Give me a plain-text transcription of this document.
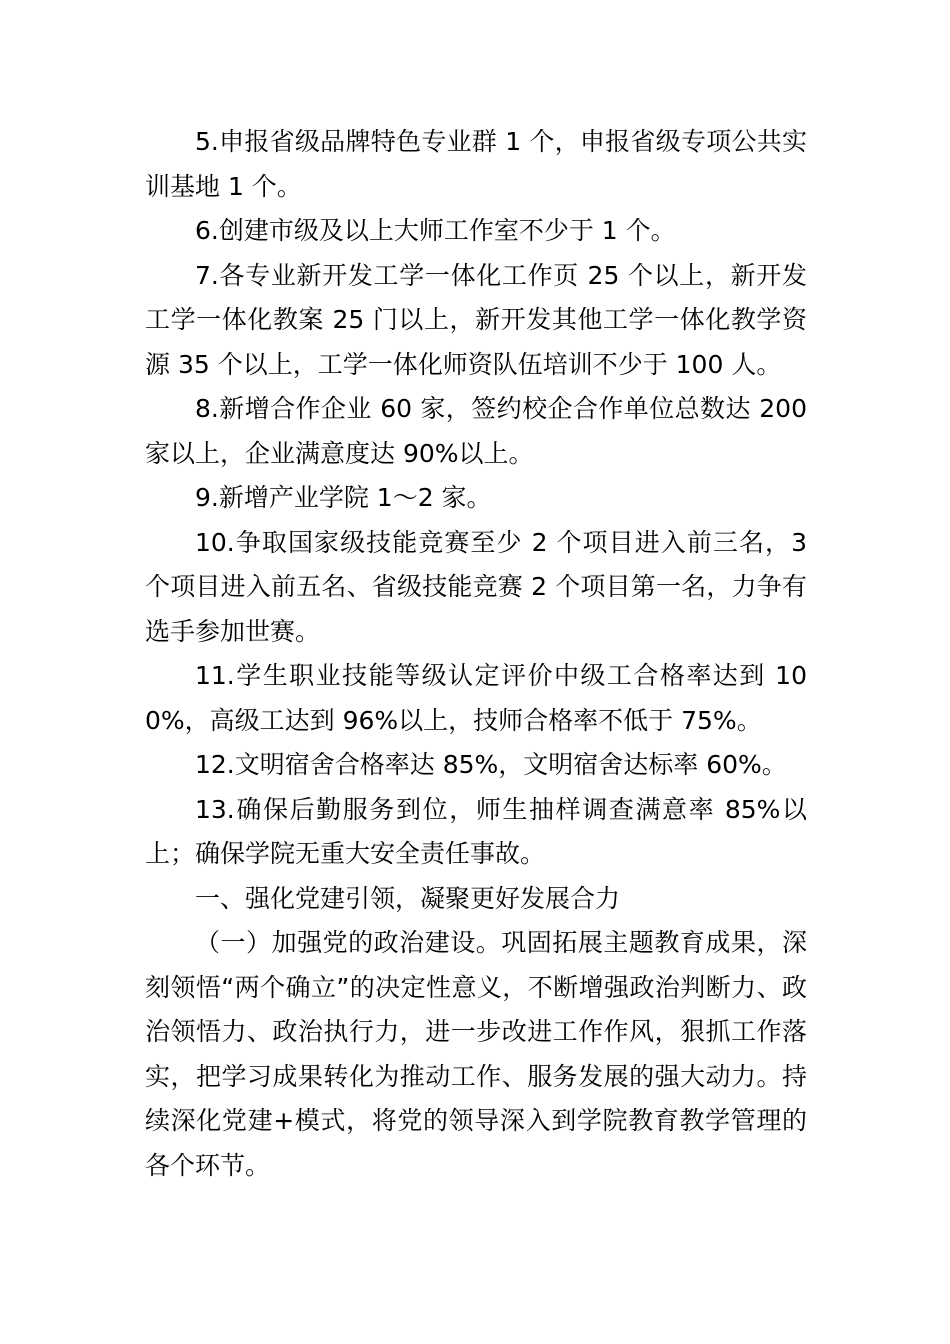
5.申报省级品牌特色专业群 1 个，申报省级专项公共实训基地 1 个。

6.创建市级及以上大师工作室不少于 1 个。

7.各专业新开发工学一体化工作页 25 个以上，新开发工学一体化教案 25 门以上，新开发其他工学一体化教学资源 35 个以上，工学一体化师资队伍培训不少于 100 人。

8.新增合作企业 60 家，签约校企合作单位总数达 200 家以上，企业满意度达 90%以上。

9.新增产业学院 1～2 家。

10.争取国家级技能竞赛至少 2 个项目进入前三名，3 个项目进入前五名、省级技能竞赛 2 个项目第一名，力争有选手参加世赛。

11.学生职业技能等级认定评价中级工合格率达到 100%，高级工达到 96%以上，技师合格率不低于 75%。

12.文明宿舍合格率达 85%，文明宿舍达标率 60%。

13.确保后勤服务到位，师生抽样调查满意率 85%以上；确保学院无重大安全责任事故。

一、强化党建引领，凝聚更好发展合力

（一）加强党的政治建设。巩固拓展主题教育成果，深刻领悟“两个确立”的决定性意义，不断增强政治判断力、政治领悟力、政治执行力，进一步改进工作作风，狠抓工作落实，把学习成果转化为推动工作、服务发展的强大动力。持续深化党建+模式，将党的领导深入到学院教育教学管理的各个环节。
